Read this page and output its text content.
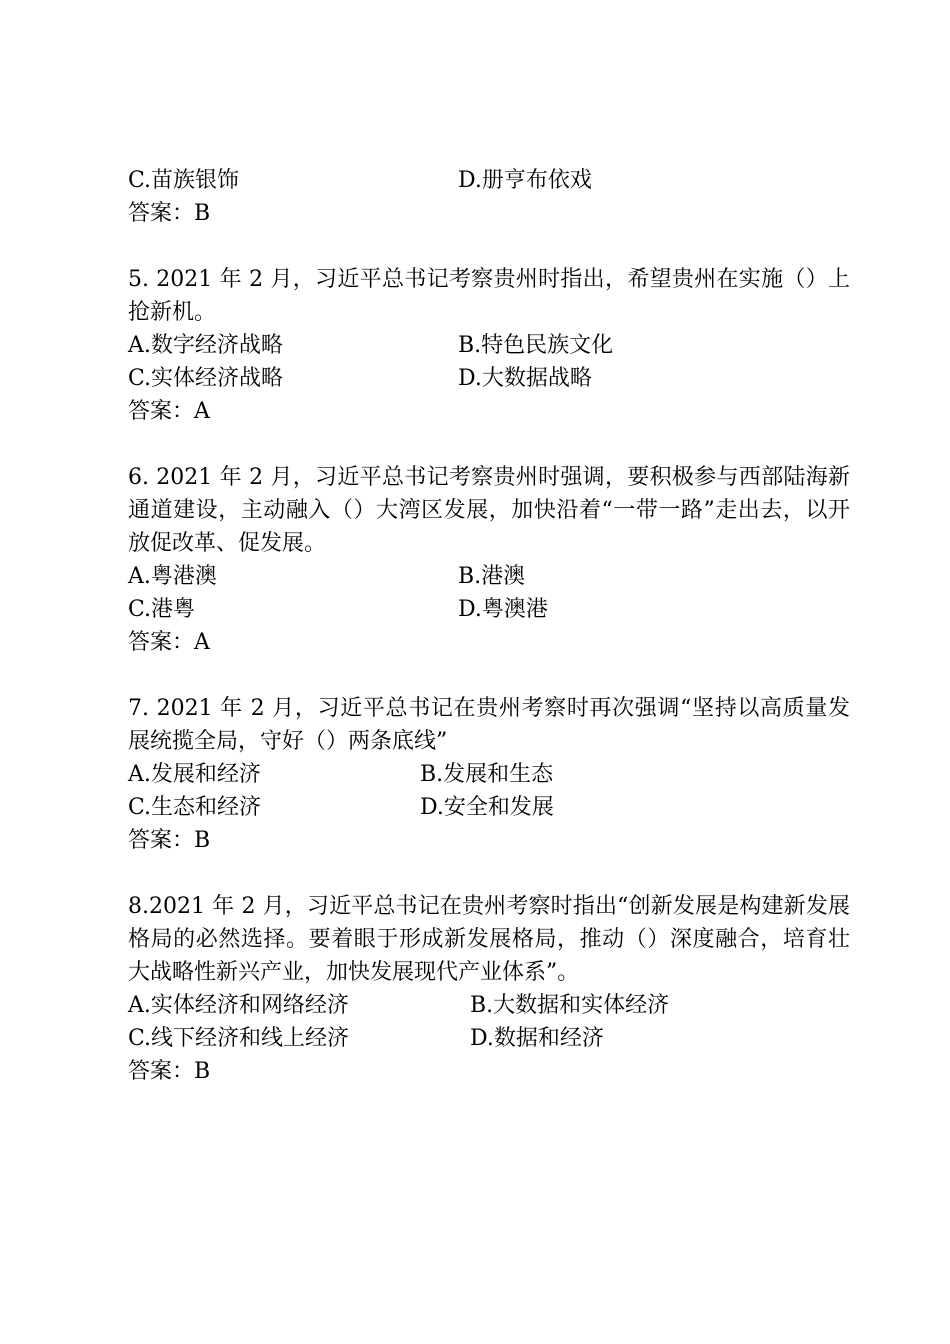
C.苗族银饰	D.册亨布依戏
答案：B
5. 2021 年 2 月，习近平总书记考察贵州时指出，希望贵州在实施（）上抢新机。
A.数字经济战略	B.特色民族文化
C.实体经济战略	D.大数据战略
答案：A
6. 2021 年 2 月，习近平总书记考察贵州时强调，要积极参与西部陆海新通道建设，主动融入（）大湾区发展，加快沿着“一带一路”走出去，以开放促改革、促发展。
A.粤港澳	B.港澳
C.港粤	D.粤澳港
答案：A
7. 2021 年 2 月，习近平总书记在贵州考察时再次强调“坚持以高质量发展统揽全局，守好（）两条底线”
A.发展和经济	B.发展和生态
C.生态和经济	D.安全和发展
答案：B
8.2021 年 2 月，习近平总书记在贵州考察时指出“创新发展是构建新发展格局的必然选择。要着眼于形成新发展格局，推动（）深度融合，培育壮大战略性新兴产业，加快发展现代产业体系”。
A.实体经济和网络经济	B.大数据和实体经济
C.线下经济和线上经济	D.数据和经济
答案：B
